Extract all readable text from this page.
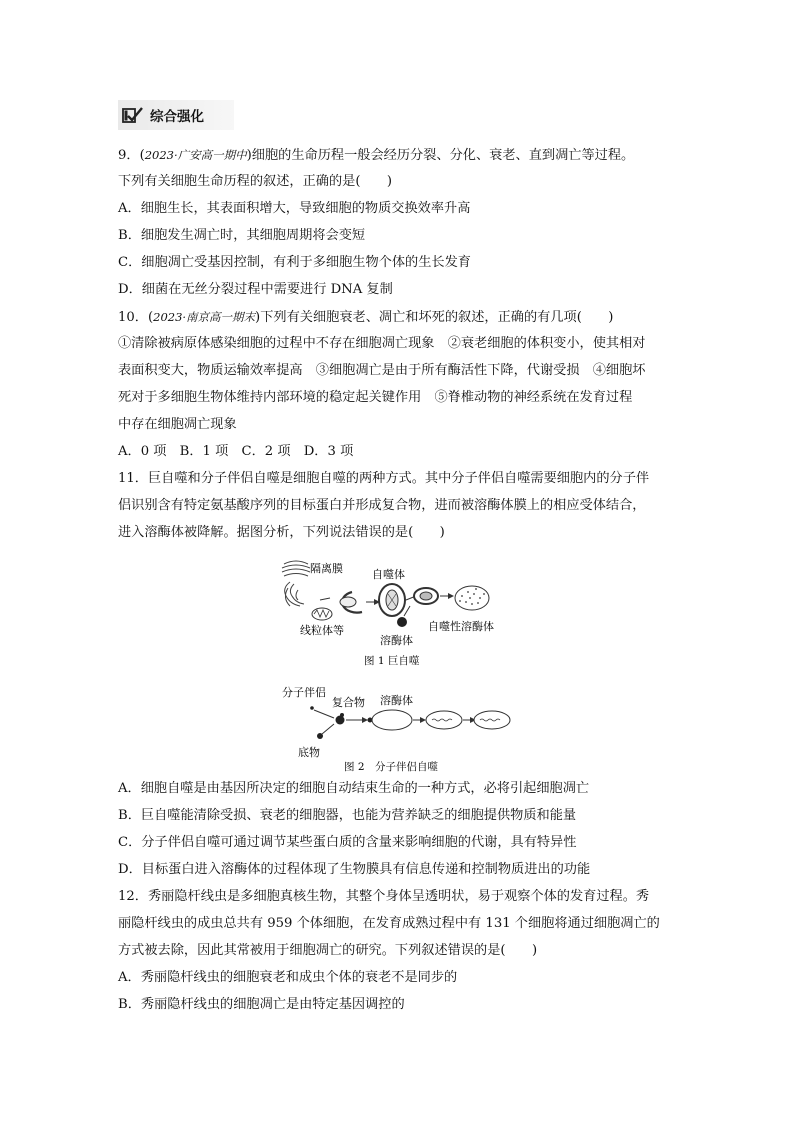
综合强化
9．(2023·广安高一期中)细胞的生命历程一般会经历分裂、分化、衰老、直到凋亡等过程。
下列有关细胞生命历程的叙述，正确的是(　　)
A．细胞生长，其表面积增大，导致细胞的物质交换效率升高
B．细胞发生凋亡时，其细胞周期将会变短
C．细胞凋亡受基因控制，有利于多细胞生物个体的生长发育
D．细菌在无丝分裂过程中需要进行 DNA 复制
10．(2023·南京高一期末)下列有关细胞衰老、凋亡和坏死的叙述，正确的有几项(　　)
①清除被病原体感染细胞的过程中不存在细胞凋亡现象　②衰老细胞的体积变小，使其相对
表面积变大，物质运输效率提高　③细胞凋亡是由于所有酶活性下降，代谢受损　④细胞坏
死对于多细胞生物体维持内部环境的稳定起关键作用　⑤脊椎动物的神经系统在发育过程
中存在细胞凋亡现象
A．0 项　B．1 项　C．2 项　D．3 项
11．巨自噬和分子伴侣自噬是细胞自噬的两种方式。其中分子伴侣自噬需要细胞内的分子伴
侣识别含有特定氨基酸序列的目标蛋白并形成复合物，进而被溶酶体膜上的相应受体结合，
进入溶酶体被降解。据图分析，下列说法错误的是(　　)
隔离膜	自噬体
线粒体等
溶酶体
自噬性溶酶体
图 1 巨自噬
分子伴侣
复合物 溶酶体
底物
图 2　分子伴侣自噬
A．细胞自噬是由基因所决定的细胞自动结束生命的一种方式，必将引起细胞凋亡
B．巨自噬能清除受损、衰老的细胞器，也能为营养缺乏的细胞提供物质和能量
C．分子伴侣自噬可通过调节某些蛋白质的含量来影响细胞的代谢，具有特异性
D．目标蛋白进入溶酶体的过程体现了生物膜具有信息传递和控制物质进出的功能
12．秀丽隐杆线虫是多细胞真核生物，其整个身体呈透明状，易于观察个体的发育过程。秀
丽隐杆线虫的成虫总共有 959 个体细胞，在发育成熟过程中有 131 个细胞将通过细胞凋亡的
方式被去除，因此其常被用于细胞凋亡的研究。下列叙述错误的是(　　)
A．秀丽隐杆线虫的细胞衰老和成虫个体的衰老不是同步的
B．秀丽隐杆线虫的细胞凋亡是由特定基因调控的
